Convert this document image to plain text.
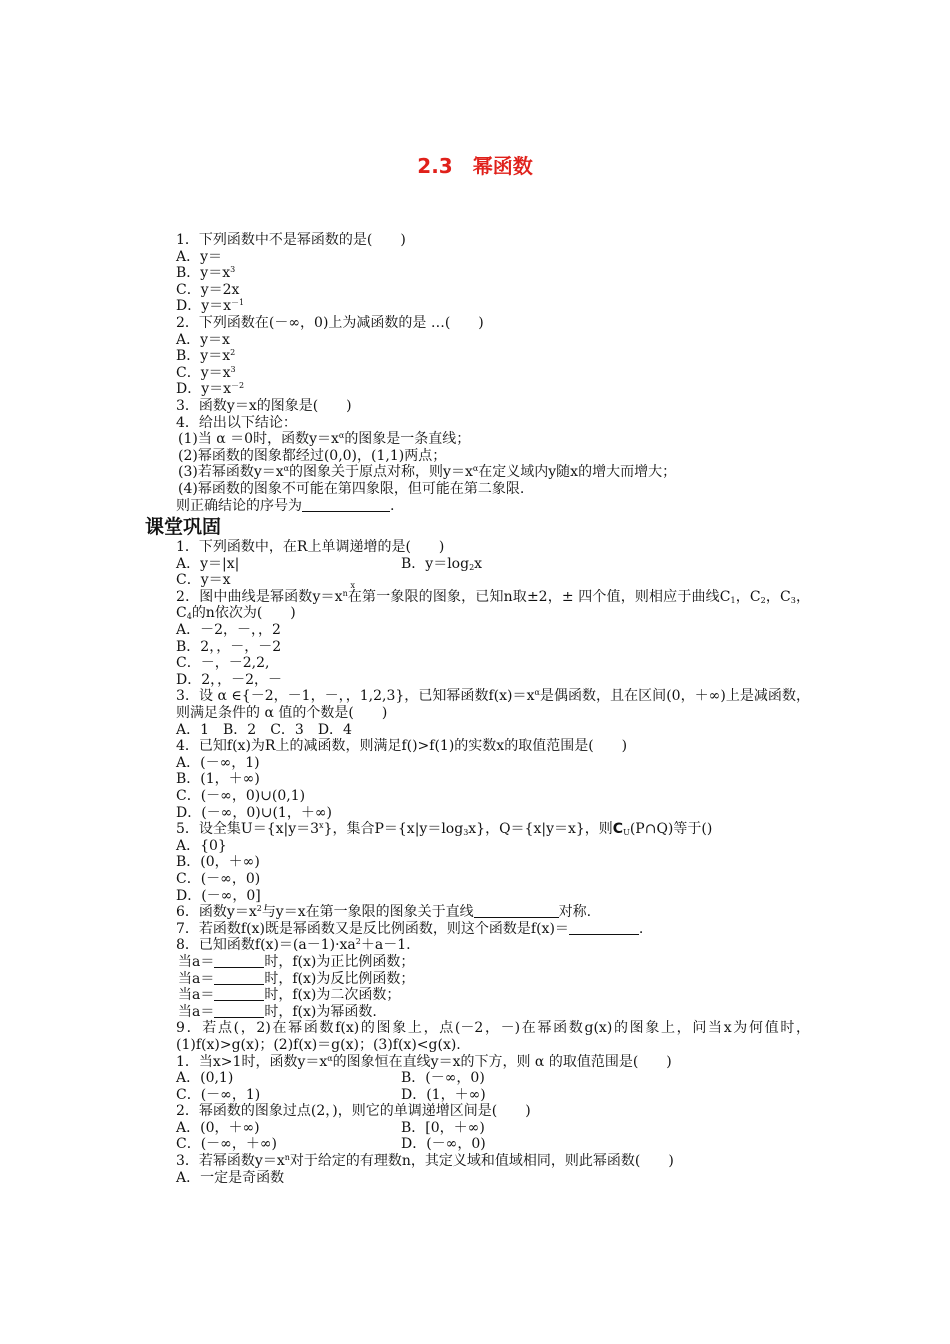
2.3　幂函数
1．下列函数中不是幂函数的是(　　)
A．y＝
B．$y=x^3$
C．y＝2x
D．$y=x^{-1}$
2．下列函数在(－∞，0)上为减函数的是 …(　　)
A．y＝x
B．$y=x^2$
C．$y=x^3$
D．$y=x^{-2}$
3．函数y＝x的图象是(　　)
4．给出以下结论：
(1)当 α ＝0时，函数$y=x^\alpha$的图象是一条直线；
(2)幂函数的图象都经过(0,0)，(1,1)两点；
(3)若幂函数$y=x^\alpha$的图象关于原点对称，则$y=x^\alpha$在定义域内y随x的增大而增大；
(4)幂函数的图象不可能在第四象限，但可能在第二象限.
则正确结论的序号为	.
课堂巩固
1．下列函数中，在R上单调递增的是(　　)
A．y＝|x|	B．$y=\log_2x$
C．y＝x	$_x$
2．图中曲线是幂函数$y=x^n$在第一象限的图象，已知n取±2，± 四个值，则相应于曲线$C_1$，$C_2$，$C_3$，$C_4$的n依次为(　　)
A．－2，－，，2
B．2，，－，－2
C．－，－2,2,
D．2，，－2，－
3．设 α ∈{－2，－1，－，，1,2,3}，已知幂函数$f(x)=x^\alpha$是偶函数，且在区间(0，＋∞)上是减函数，则满足条件的 α 值的个数是(　　)
A．1　B．2　C．3　D．4
4．已知f(x)为R上的减函数，则满足f()>f(1)的实数x的取值范围是(　　)
A．(－∞，1)
B．(1，＋∞)
C．(－∞，0)∪(0,1)
D．(－∞，0)∪(1，＋∞)
5．设全集$U=\{x|y=3^x\}$，集合$P=\{x|y=\log_3x\}$，Q＝{x|y＝x}，则$C_U(P\cap Q)$等于()
A．{0}
B．(0，＋∞)
C．(－∞，0)
D．(－∞，0]
6．函数$y=x^2$与y＝x在第一象限的图象关于直线	对称.
7．若函数f(x)既是幂函数又是反比例函数，则这个函数是f(x)＝	.
8．已知函数$f(x)=(a-1)\cdot xa^2+a-1$.
当a＝	时，f(x)为正比例函数；
当a＝	时，f(x)为反比例函数；
当a＝	时，f(x)为二次函数；
当a＝	时，f(x)为幂函数.
9．若点(，2)在幂函数f(x)的图象上，点(－2，－)在幂函数g(x)的图象上，问当x为何值时，(1)f(x)>g(x)；(2)f(x)＝g(x)；(3)f(x)<g(x).
1．当x>1时，函数$y=x^\alpha$的图象恒在直线y＝x的下方，则 α 的取值范围是(　　)
A．(0,1)	B．(－∞，0)
C．(－∞，1)	D．(1，＋∞)
2．幂函数的图象过点(2，)，则它的单调递增区间是(　　)
A．(0，＋∞)	B．[0，＋∞)
C．(－∞，＋∞)	D．(－∞，0)
3．若幂函数$y=x^n$对于给定的有理数n，其定义域和值域相同，则此幂函数(　　)
A．一定是奇函数
